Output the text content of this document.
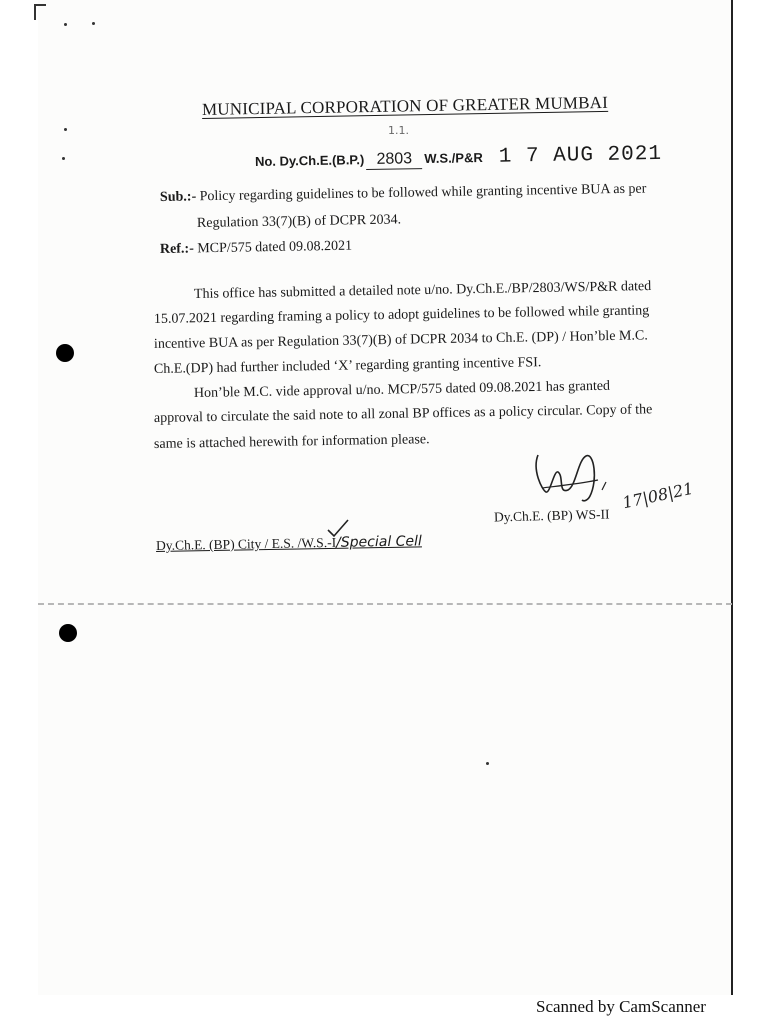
MUNICIPAL CORPORATION OF GREATER MUMBAI
1.1.
No. Dy.Ch.E.(B.P.) 2803 W.S./P&R 1 7 AUG 2021
Sub.:- Policy regarding guidelines to be followed while granting incentive BUA as per
Regulation 33(7)(B) of DCPR 2034.
Ref.:- MCP/575 dated 09.08.2021
This office has submitted a detailed note u/no. Dy.Ch.E./BP/2803/WS/P&R dated
15.07.2021 regarding framing a policy to adopt guidelines to be followed while granting
incentive BUA as per Regulation 33(7)(B) of DCPR 2034 to Ch.E. (DP) / Hon’ble M.C.
Ch.E.(DP) had further included ‘X’ regarding granting incentive FSI.
Hon’ble M.C. vide approval u/no. MCP/575 dated 09.08.2021 has granted
approval to circulate the said note to all zonal BP offices as a policy circular. Copy of the
same is attached herewith for information please.
17|08|21
Dy.Ch.E. (BP) WS-II
Dy.Ch.E. (BP) City / E.S. /W.S.-I/Special Cell
Scanned by CamScanner
